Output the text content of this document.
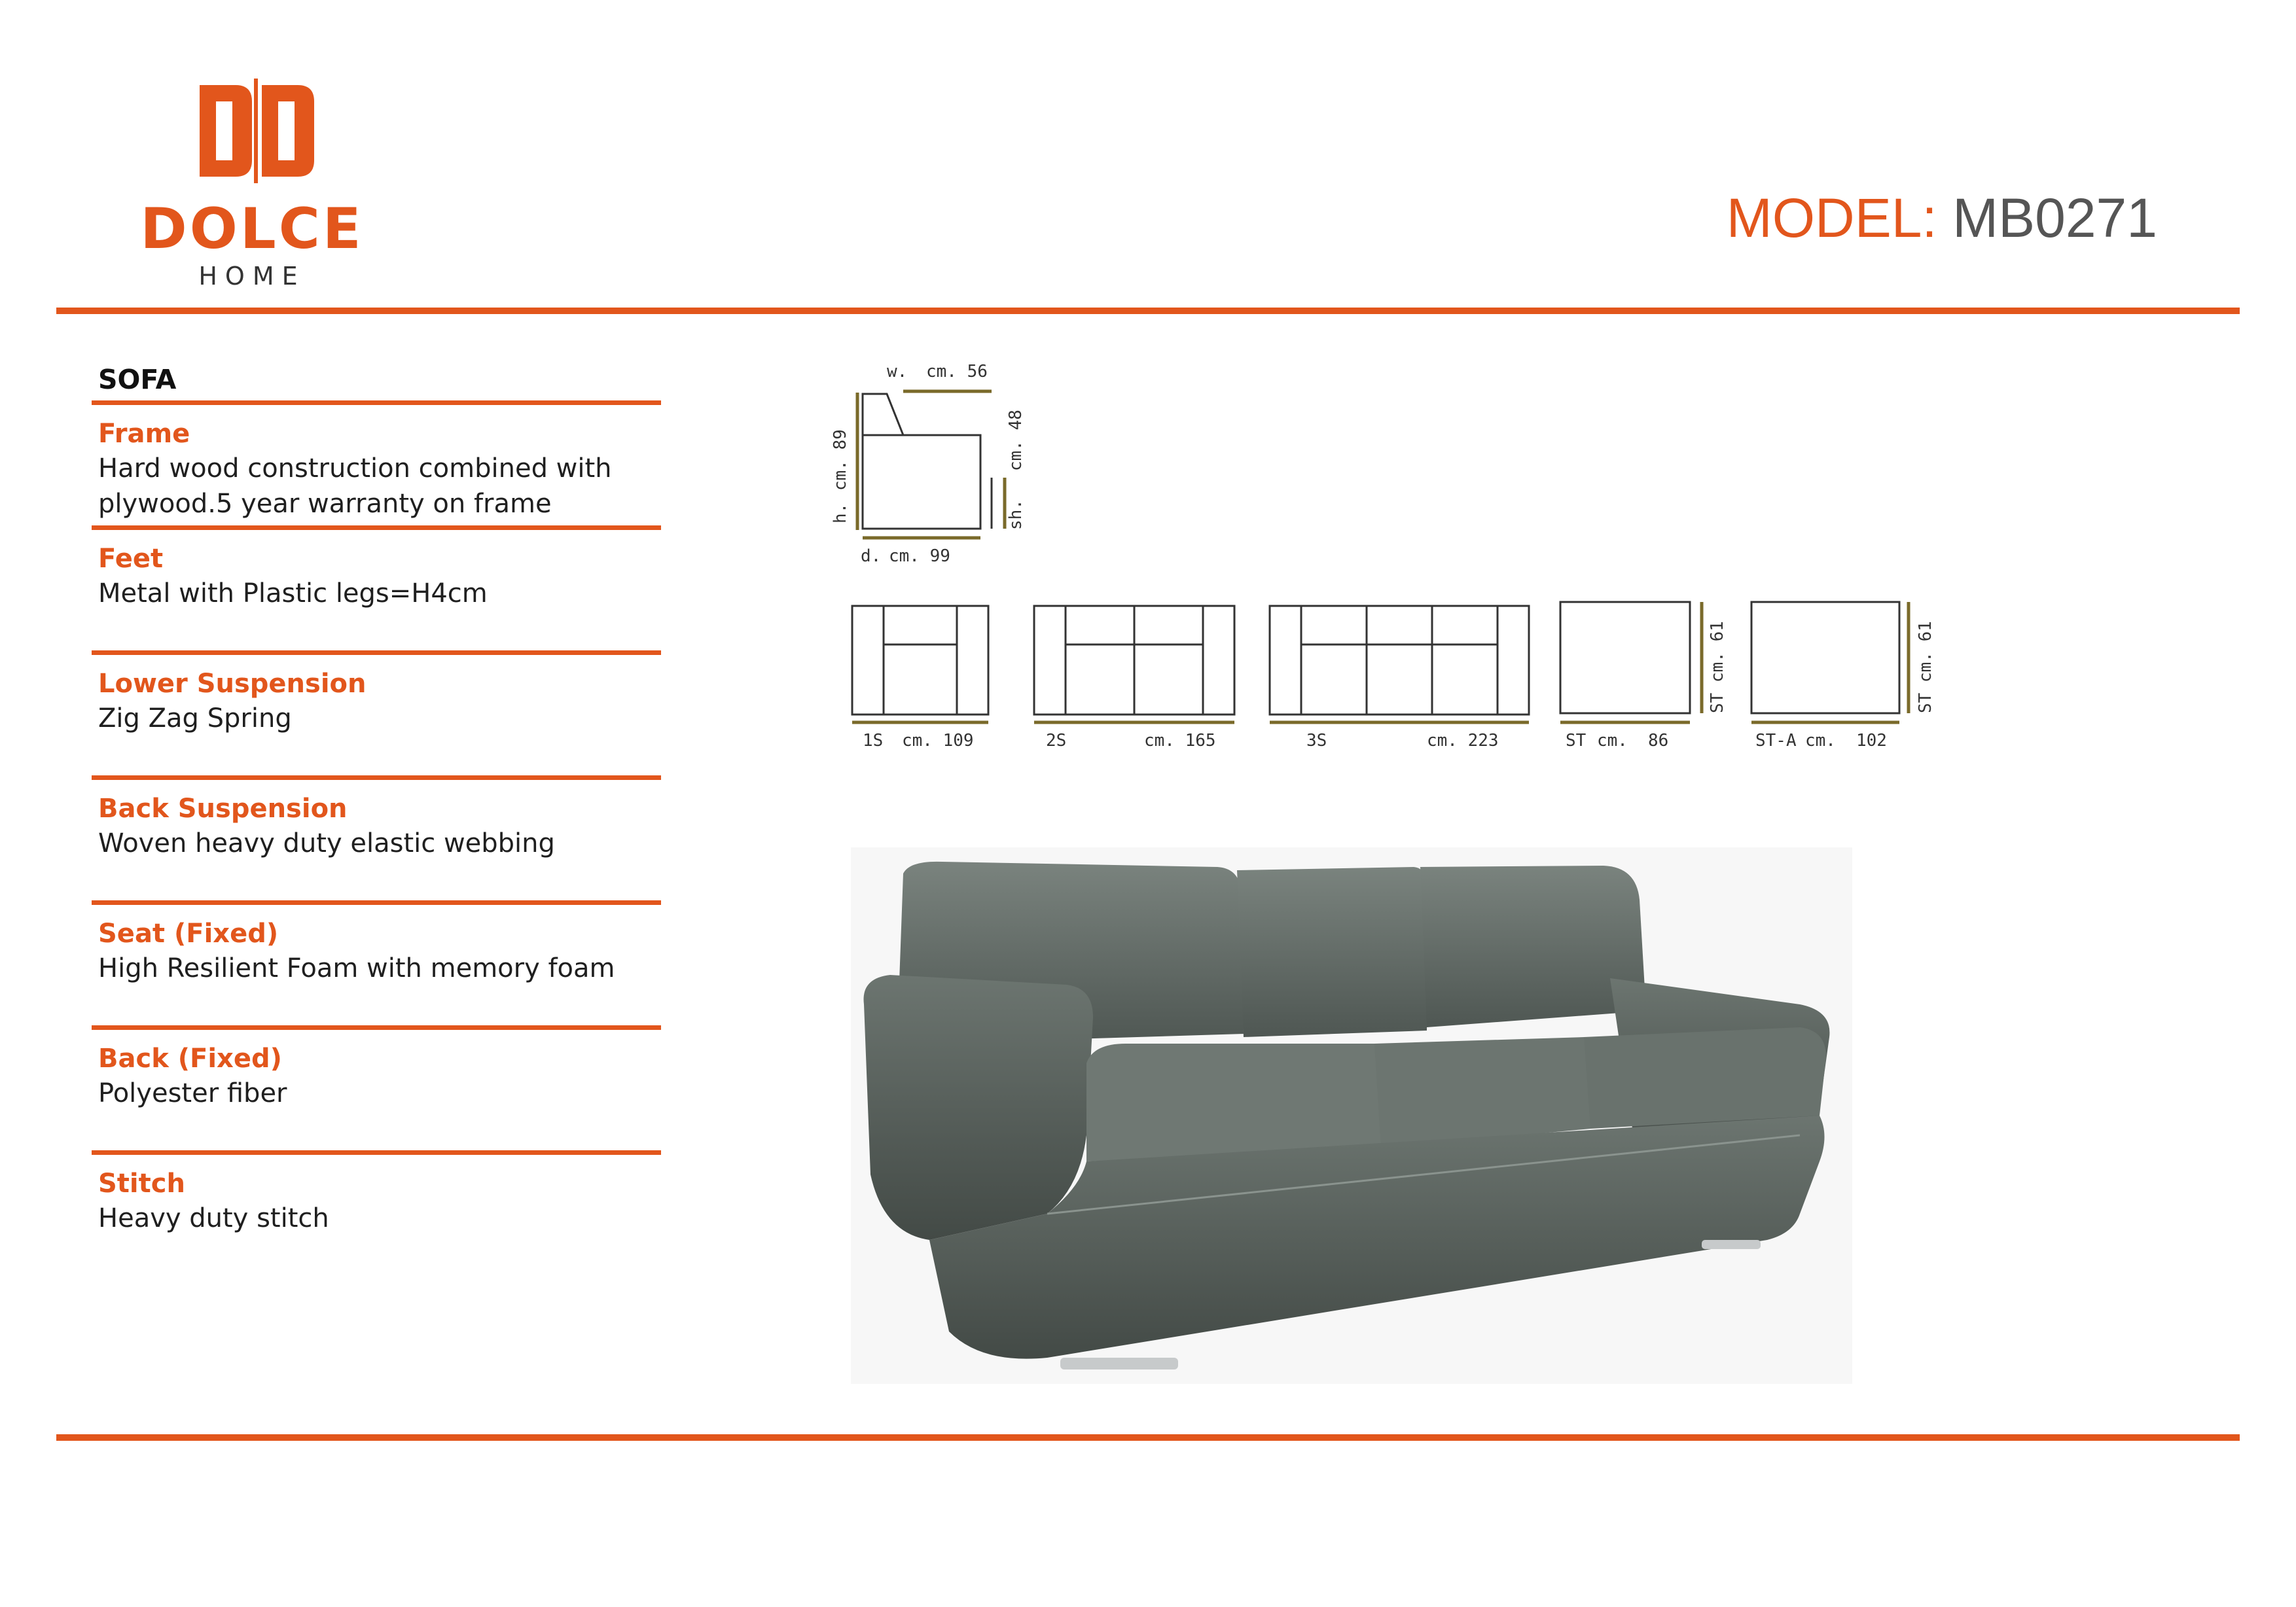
DOLCE
HOME
MODEL: MB0271
SOFA
Frame
Hard wood construction combined with plywood.5 year warranty on frame
Feet
Metal with Plastic legs=H4cm
Lower Suspension
Zig Zag Spring
Back Suspension
Woven heavy duty elastic webbing
Seat (Fixed)
High Resilient Foam with memory foam
Back (Fixed)
Polyester fiber
Stitch
Heavy duty stitch
w. cm. 56
h.
cm. 89
sh.
cm. 48
d. cm. 99
1S cm. 109	2S	cm. 165	3S	cm. 223	ST cm. 86
ST cm. 61
ST-A cm. 102
ST cm. 61
